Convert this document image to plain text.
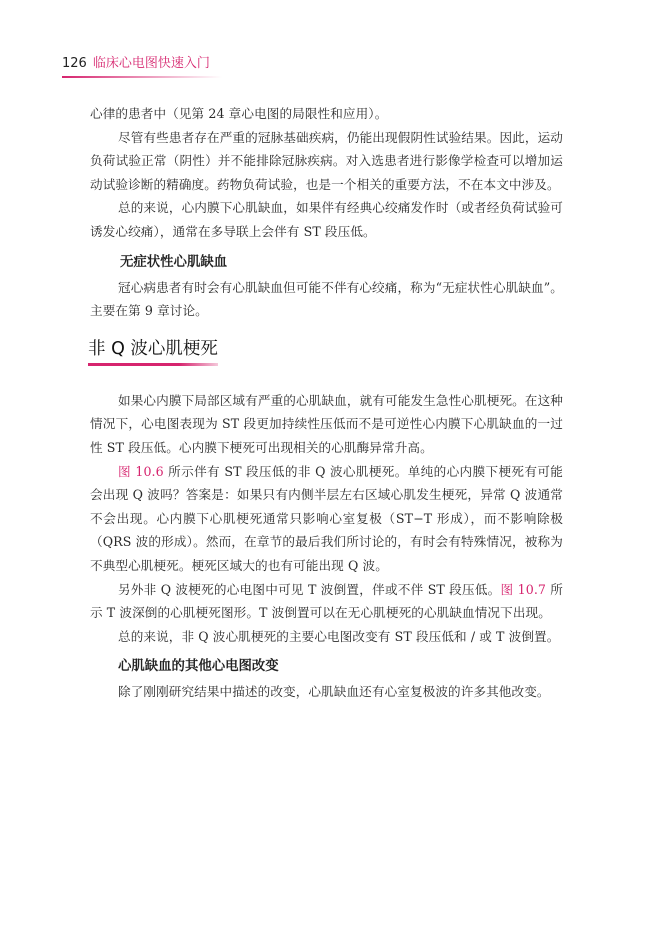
126 临床心电图快速入门

心律的患者中（见第 24 章心电图的局限性和应用）。

尽管有些患者存在严重的冠脉基础疾病，仍能出现假阴性试验结果。因此，运动负荷试验正常（阴性）并不能排除冠脉疾病。对入选患者进行影像学检查可以增加运动试验诊断的精确度。药物负荷试验，也是一个相关的重要方法，不在本文中涉及。

总的来说，心内膜下心肌缺血，如果伴有经典心绞痛发作时（或者经负荷试验可诱发心绞痛），通常在多导联上会伴有 ST 段压低。

无症状性心肌缺血

冠心病患者有时会有心肌缺血但可能不伴有心绞痛，称为“无症状性心肌缺血”。主要在第 9 章讨论。

非 Q 波心肌梗死

如果心内膜下局部区域有严重的心肌缺血，就有可能发生急性心肌梗死。在这种情况下，心电图表现为 ST 段更加持续性压低而不是可逆性心内膜下心肌缺血的一过性 ST 段压低。心内膜下梗死可出现相关的心肌酶异常升高。

图 10.6 所示伴有 ST 段压低的非 Q 波心肌梗死。单纯的心内膜下梗死有可能会出现 Q 波吗？答案是：如果只有内侧半层左右区域心肌发生梗死，异常 Q 波通常不会出现。心内膜下心肌梗死通常只影响心室复极（ST−T 形成），而不影响除极（QRS 波的形成）。然而，在章节的最后我们所讨论的，有时会有特殊情况，被称为不典型心肌梗死。梗死区域大的也有可能出现 Q 波。

另外非 Q 波梗死的心电图中可见 T 波倒置，伴或不伴 ST 段压低。图 10.7 所示 T 波深倒的心肌梗死图形。T 波倒置可以在无心肌梗死的心肌缺血情况下出现。

总的来说，非 Q 波心肌梗死的主要心电图改变有 ST 段压低和 / 或 T 波倒置。

心肌缺血的其他心电图改变

除了刚刚研究结果中描述的改变，心肌缺血还有心室复极波的许多其他改变。
